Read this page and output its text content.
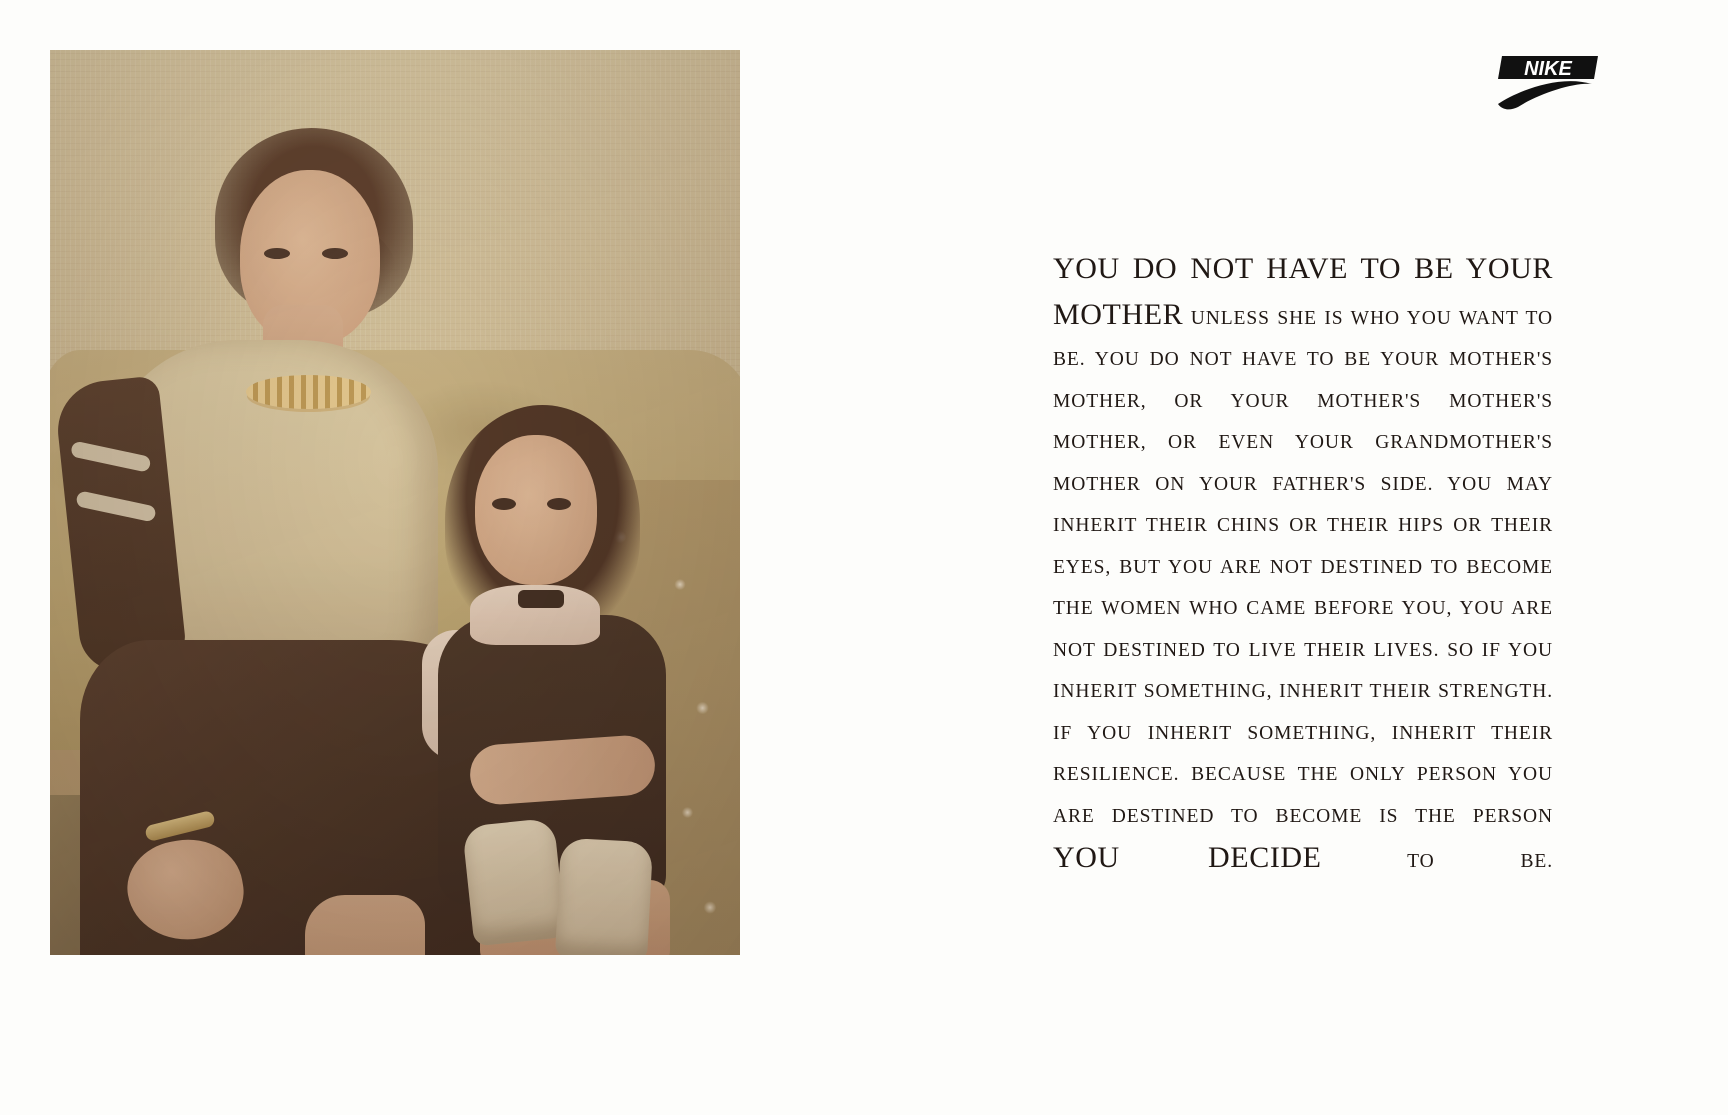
NIKE

YOU DO NOT HAVE TO BE YOUR MOTHER UNLESS SHE IS WHO YOU WANT TO BE. YOU DO NOT HAVE TO BE YOUR MOTHER'S MOTHER, OR YOUR MOTHER'S MOTHER'S MOTHER, OR EVEN YOUR GRANDMOTHER'S MOTHER ON YOUR FATHER'S SIDE. YOU MAY INHERIT THEIR CHINS OR THEIR HIPS OR THEIR EYES, BUT YOU ARE NOT DESTINED TO BECOME THE WOMEN WHO CAME BEFORE YOU, YOU ARE NOT DESTINED TO LIVE THEIR LIVES. SO IF YOU INHERIT SOMETHING, INHERIT THEIR STRENGTH. IF YOU INHERIT SOMETHING, INHERIT THEIR RESILIENCE. BECAUSE THE ONLY PERSON YOU ARE DESTINED TO BECOME IS THE PERSON YOU DECIDE TO BE.
